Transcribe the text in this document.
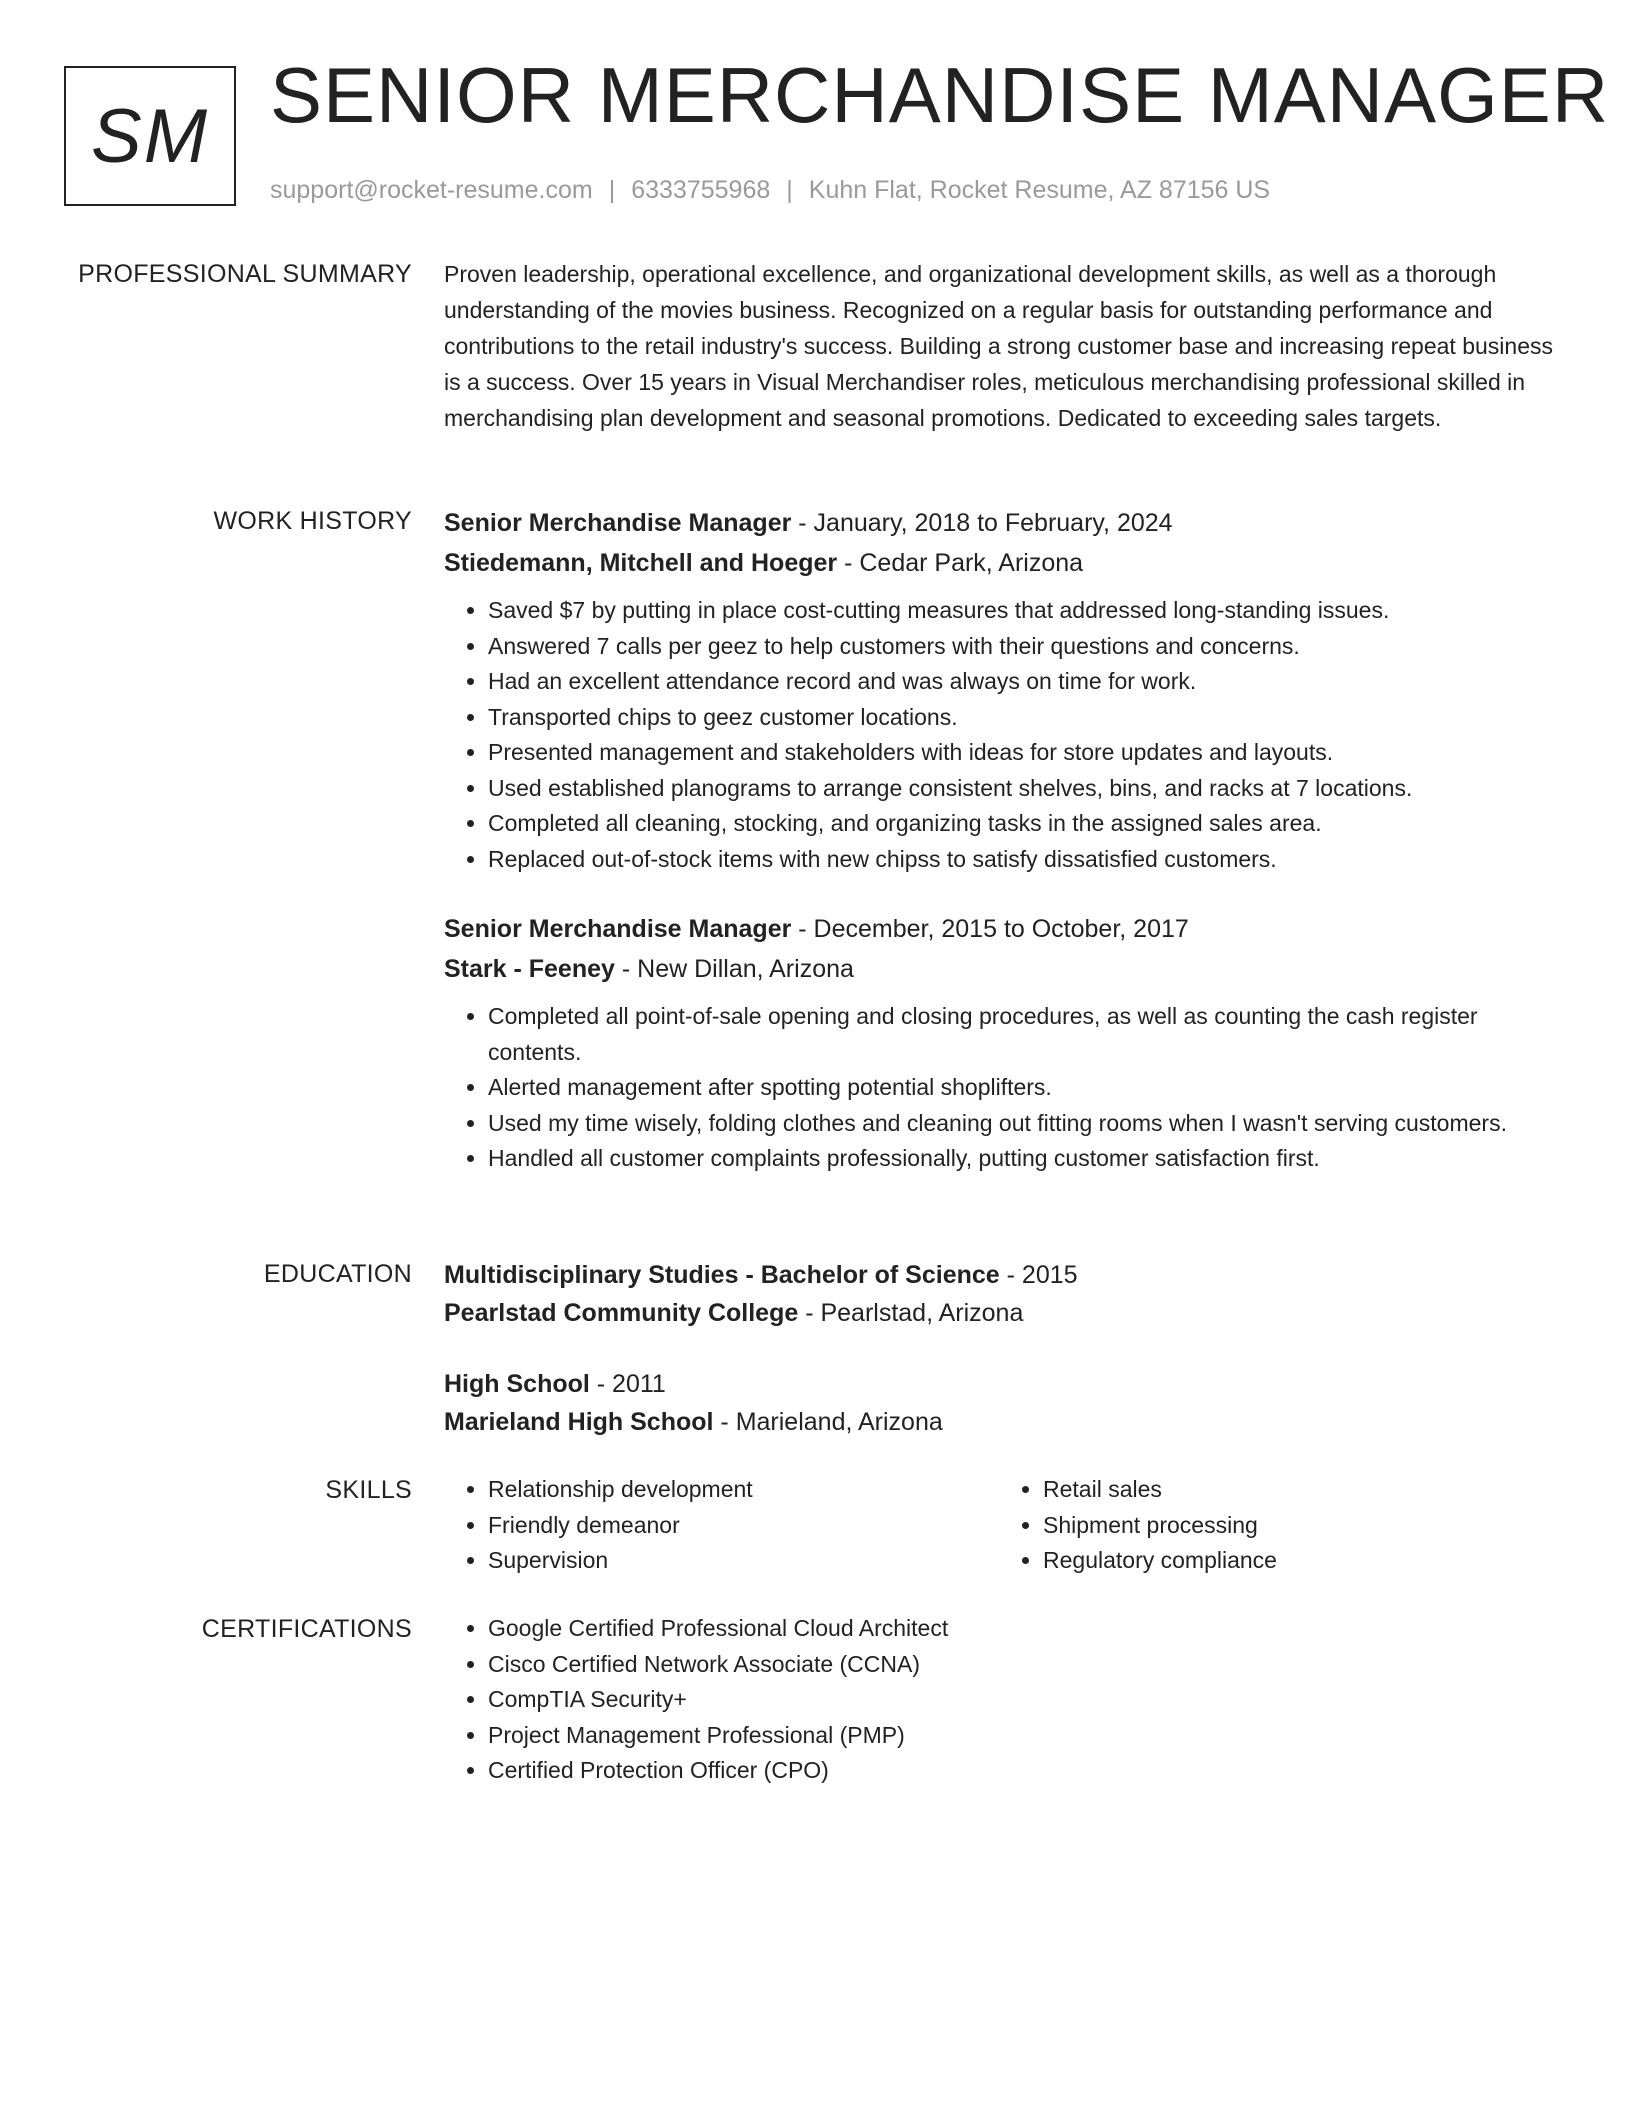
SM SENIOR MERCHANDISE MANAGER
support@rocket-resume.com | 6333755968 | Kuhn Flat, Rocket Resume, AZ 87156 US
PROFESSIONAL SUMMARY Proven leadership, operational excellence, and organizational development skills, as well as a thorough understanding of the movies business. Recognized on a regular basis for outstanding performance and contributions to the retail industry's success. Building a strong customer base and increasing repeat business is a success. Over 15 years in Visual Merchandiser roles, meticulous merchandising professional skilled in merchandising plan development and seasonal promotions. Dedicated to exceeding sales targets.

WORK HISTORY Senior Merchandise Manager - January, 2018 to February, 2024
Stiedemann, Mitchell and Hoeger - Cedar Park, Arizona
• Saved $7 by putting in place cost-cutting measures that addressed long-standing issues.
• Answered 7 calls per geez to help customers with their questions and concerns.
• Had an excellent attendance record and was always on time for work.
• Transported chips to geez customer locations.
• Presented management and stakeholders with ideas for store updates and layouts.
• Used established planograms to arrange consistent shelves, bins, and racks at 7 locations.
• Completed all cleaning, stocking, and organizing tasks in the assigned sales area.
• Replaced out-of-stock items with new chipss to satisfy dissatisfied customers.
Senior Merchandise Manager - December, 2015 to October, 2017
Stark - Feeney - New Dillan, Arizona
• Completed all point-of-sale opening and closing procedures, as well as counting the cash register contents.
• Alerted management after spotting potential shoplifters.
• Used my time wisely, folding clothes and cleaning out fitting rooms when I wasn't serving customers.
• Handled all customer complaints professionally, putting customer satisfaction first.
EDUCATION Multidisciplinary Studies - Bachelor of Science - 2015
Pearlstad Community College - Pearlstad, Arizona
High School - 2011
Marieland High School - Marieland, Arizona
SKILLS	• Relationship development
• Friendly demeanor
• Supervision
• Retail sales
• Shipment processing
• Regulatory compliance
CERTIFICATIONS	• Google Certified Professional Cloud Architect
• Cisco Certified Network Associate (CCNA)
• CompTIA Security+
• Project Management Professional (PMP)
• Certified Protection Officer (CPO)
